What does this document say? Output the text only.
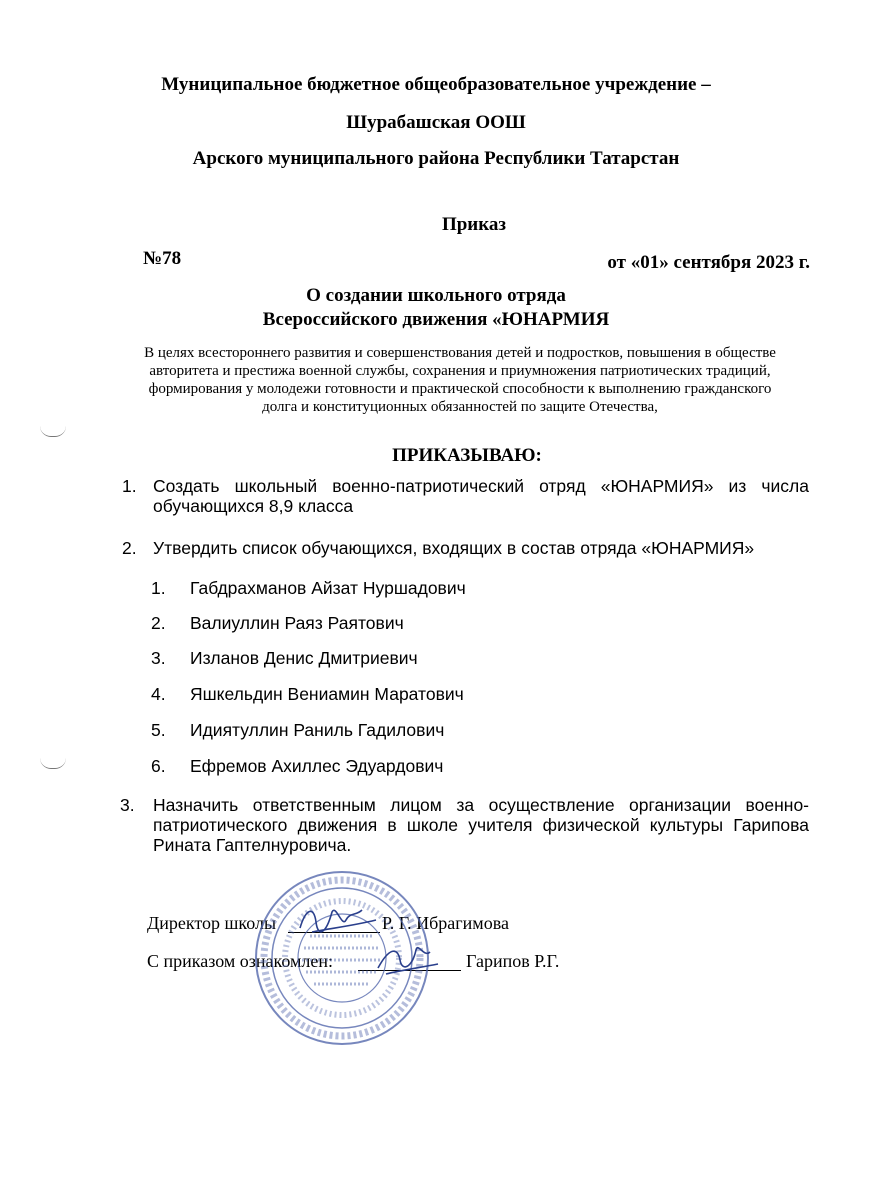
Муниципальное бюджетное общеобразовательное учреждение –
Шурабашская ООШ
Арского муниципального района Республики Татарстан
Приказ
№78	от «01» сентября 2023 г.
О создании школьного отряда
Всероссийского движения «ЮНАРМИЯ
В целях всестороннего развития и совершенствования детей и подростков, повышения в обществе авторитета и престижа военной службы, сохранения и приумножения патриотических традиций, формирования у молодежи готовности и практической способности к выполнению гражданского долга и конституционных обязанностей по защите Отечества,
ПРИКАЗЫВАЮ:
1. Создать школьный военно-патриотический отряд «ЮНАРМИЯ» из числа обучающихся 8,9 класса
2. Утвердить список обучающихся, входящих в состав отряда «ЮНАРМИЯ»
1. Габдрахманов Айзат Нуршадович
2. Валиуллин Раяз Раятович
3. Изланов Денис Дмитриевич
4. Яшкельдин Вениамин Маратович
5. Идиятуллин Раниль Гадилович
6. Ефремов Ахиллес Эдуардович
3. Назначить ответственным лицом за осуществление организации военно-патриотического движения в школе учителя физической культуры Гарипова Рината Гаптелнуровича.
Директор школы	Р. Г. Ибрагимова
С приказом ознакомлен:	Гарипов Р.Г.
